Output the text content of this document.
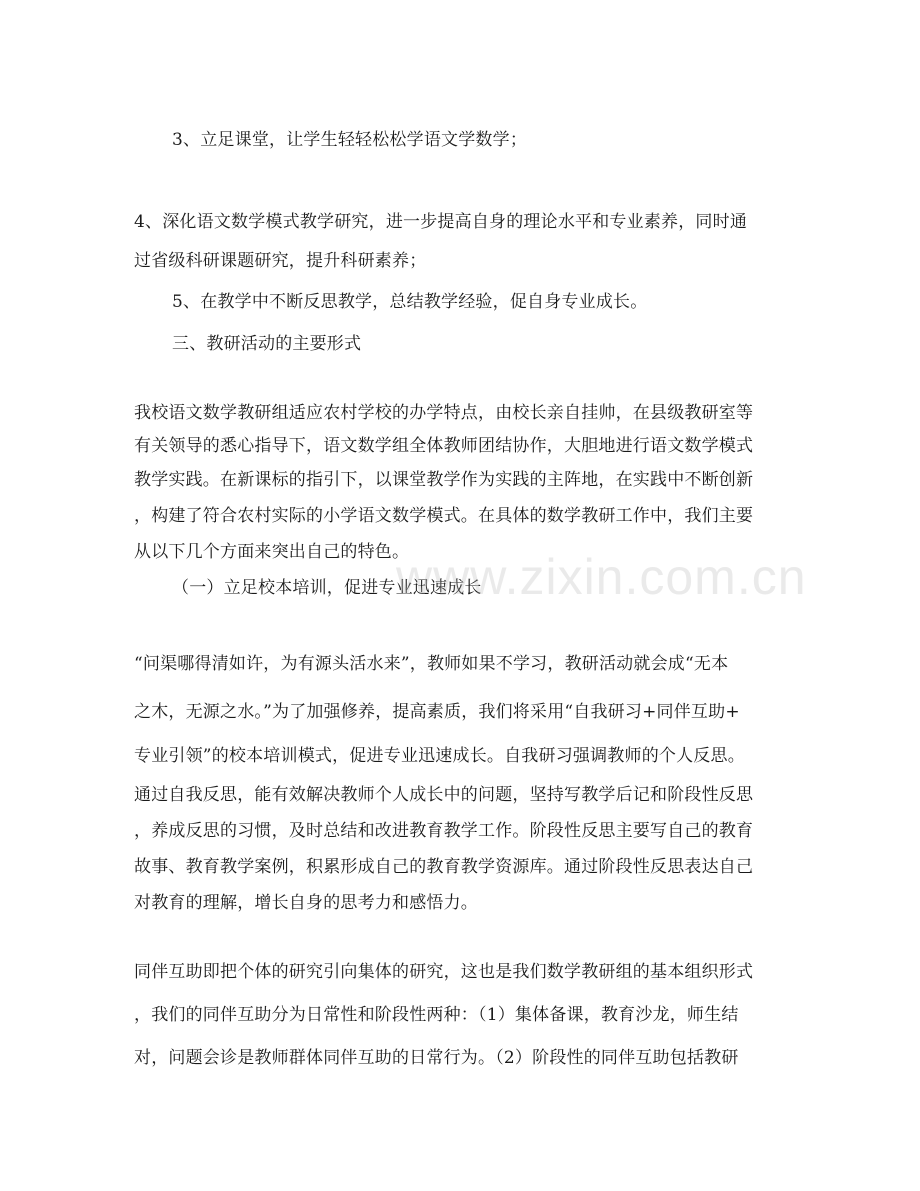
3、立足课堂，让学生轻轻松松学语文学数学；
4、深化语文数学模式教学研究，进一步提高自身的理论水平和专业素养，同时通
过省级科研课题研究，提升科研素养；
5、在教学中不断反思教学，总结教学经验，促自身专业成长。
三、教研活动的主要形式
我校语文数学教研组适应农村学校的办学特点，由校长亲自挂帅，在县级教研室等
有关领导的悉心指导下，语文数学组全体教师团结协作，大胆地进行语文数学模式
教学实践。在新课标的指引下，以课堂教学作为实践的主阵地，在实践中不断创新
，构建了符合农村实际的小学语文数学模式。在具体的数学教研工作中，我们主要
从以下几个方面来突出自己的特色。
（一）立足校本培训，促进专业迅速成长
“问渠哪得清如许，为有源头活水来”，教师如果不学习，教研活动就会成“无本
之木，无源之水。”为了加强修养，提高素质，我们将采用“自我研习+同伴互助+
专业引领”的校本培训模式，促进专业迅速成长。自我研习强调教师的个人反思。
通过自我反思，能有效解决教师个人成长中的问题，坚持写教学后记和阶段性反思
，养成反思的习惯，及时总结和改进教育教学工作。阶段性反思主要写自己的教育
故事、教育教学案例，积累形成自己的教育教学资源库。通过阶段性反思表达自己
对教育的理解，增长自身的思考力和感悟力。
同伴互助即把个体的研究引向集体的研究，这也是我们数学教研组的基本组织形式
，我们的同伴互助分为日常性和阶段性两种：（1）集体备课，教育沙龙，师生结
对，问题会诊是教师群体同伴互助的日常行为。（2）阶段性的同伴互助包括教研
www.zixin.com.cn
